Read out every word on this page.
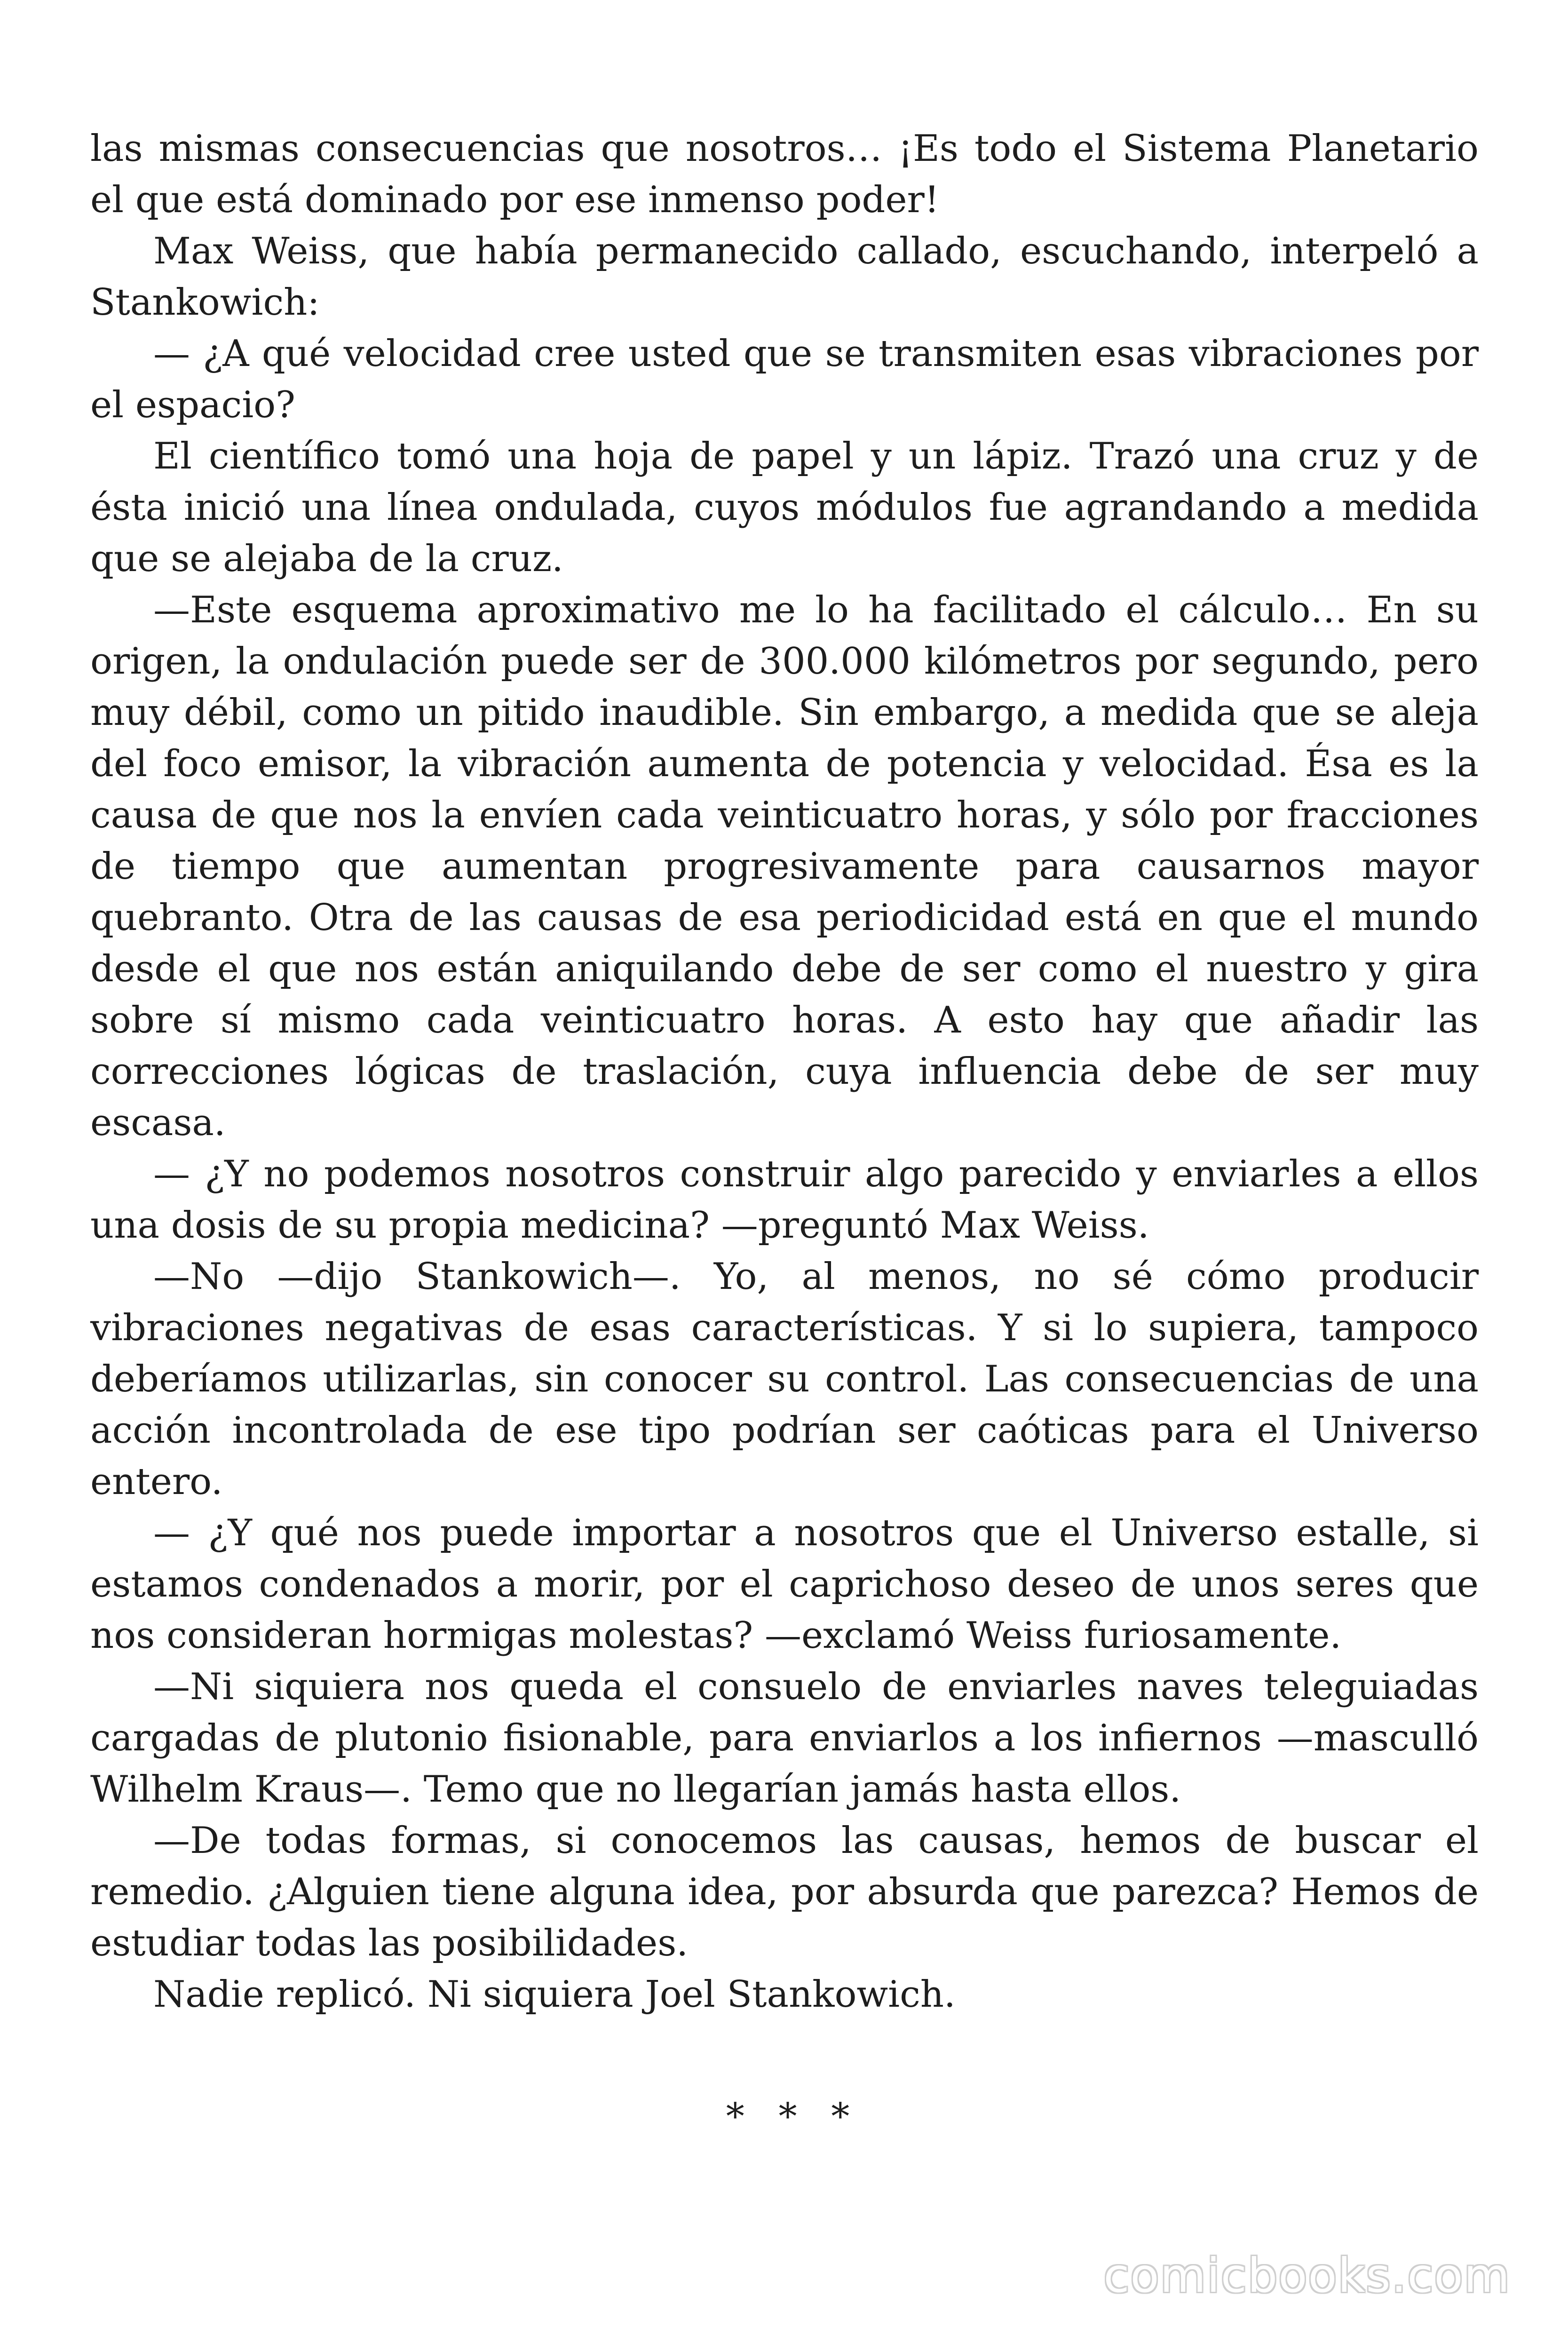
las mismas consecuencias que nosotros… ¡Es todo el Sistema Planetario el que está dominado por ese inmenso poder!

Max Weiss, que había permanecido callado, escuchando, interpeló a Stankowich:

— ¿A qué velocidad cree usted que se transmiten esas vibraciones por el espacio?

El científico tomó una hoja de papel y un lápiz. Trazó una cruz y de ésta inició una línea ondulada, cuyos módulos fue agrandando a medida que se alejaba de la cruz.

—Este esquema aproximativo me lo ha facilitado el cálculo… En su origen, la ondulación puede ser de 300.000 kilómetros por segundo, pero muy débil, como un pitido inaudible. Sin embargo, a medida que se aleja del foco emisor, la vibración aumenta de potencia y velocidad. Ésa es la causa de que nos la envíen cada veinticuatro horas, y sólo por fracciones de tiempo que aumentan progresivamente para causarnos mayor quebranto. Otra de las causas de esa periodicidad está en que el mundo desde el que nos están aniquilando debe de ser como el nuestro y gira sobre sí mismo cada veinticuatro horas. A esto hay que añadir las correcciones lógicas de traslación, cuya influencia debe de ser muy escasa.

— ¿Y no podemos nosotros construir algo parecido y enviarles a ellos una dosis de su propia medicina? —preguntó Max Weiss.

—No —dijo Stankowich—. Yo, al menos, no sé cómo producir vibraciones negativas de esas características. Y si lo supiera, tampoco deberíamos utilizarlas, sin conocer su control. Las consecuencias de una acción incontrolada de ese tipo podrían ser caóticas para el Universo entero.

— ¿Y qué nos puede importar a nosotros que el Universo estalle, si estamos condenados a morir, por el caprichoso deseo de unos seres que nos consideran hormigas molestas? —exclamó Weiss furiosamente.

—Ni siquiera nos queda el consuelo de enviarles naves teleguiadas cargadas de plutonio fisionable, para enviarlos a los infiernos —masculló Wilhelm Kraus—. Temo que no llegarían jamás hasta ellos.

—De todas formas, si conocemos las causas, hemos de buscar el remedio. ¿Alguien tiene alguna idea, por absurda que parezca? Hemos de estudiar todas las posibilidades.

Nadie replicó. Ni siquiera Joel Stankowich.

* * *
comicbooks.com
